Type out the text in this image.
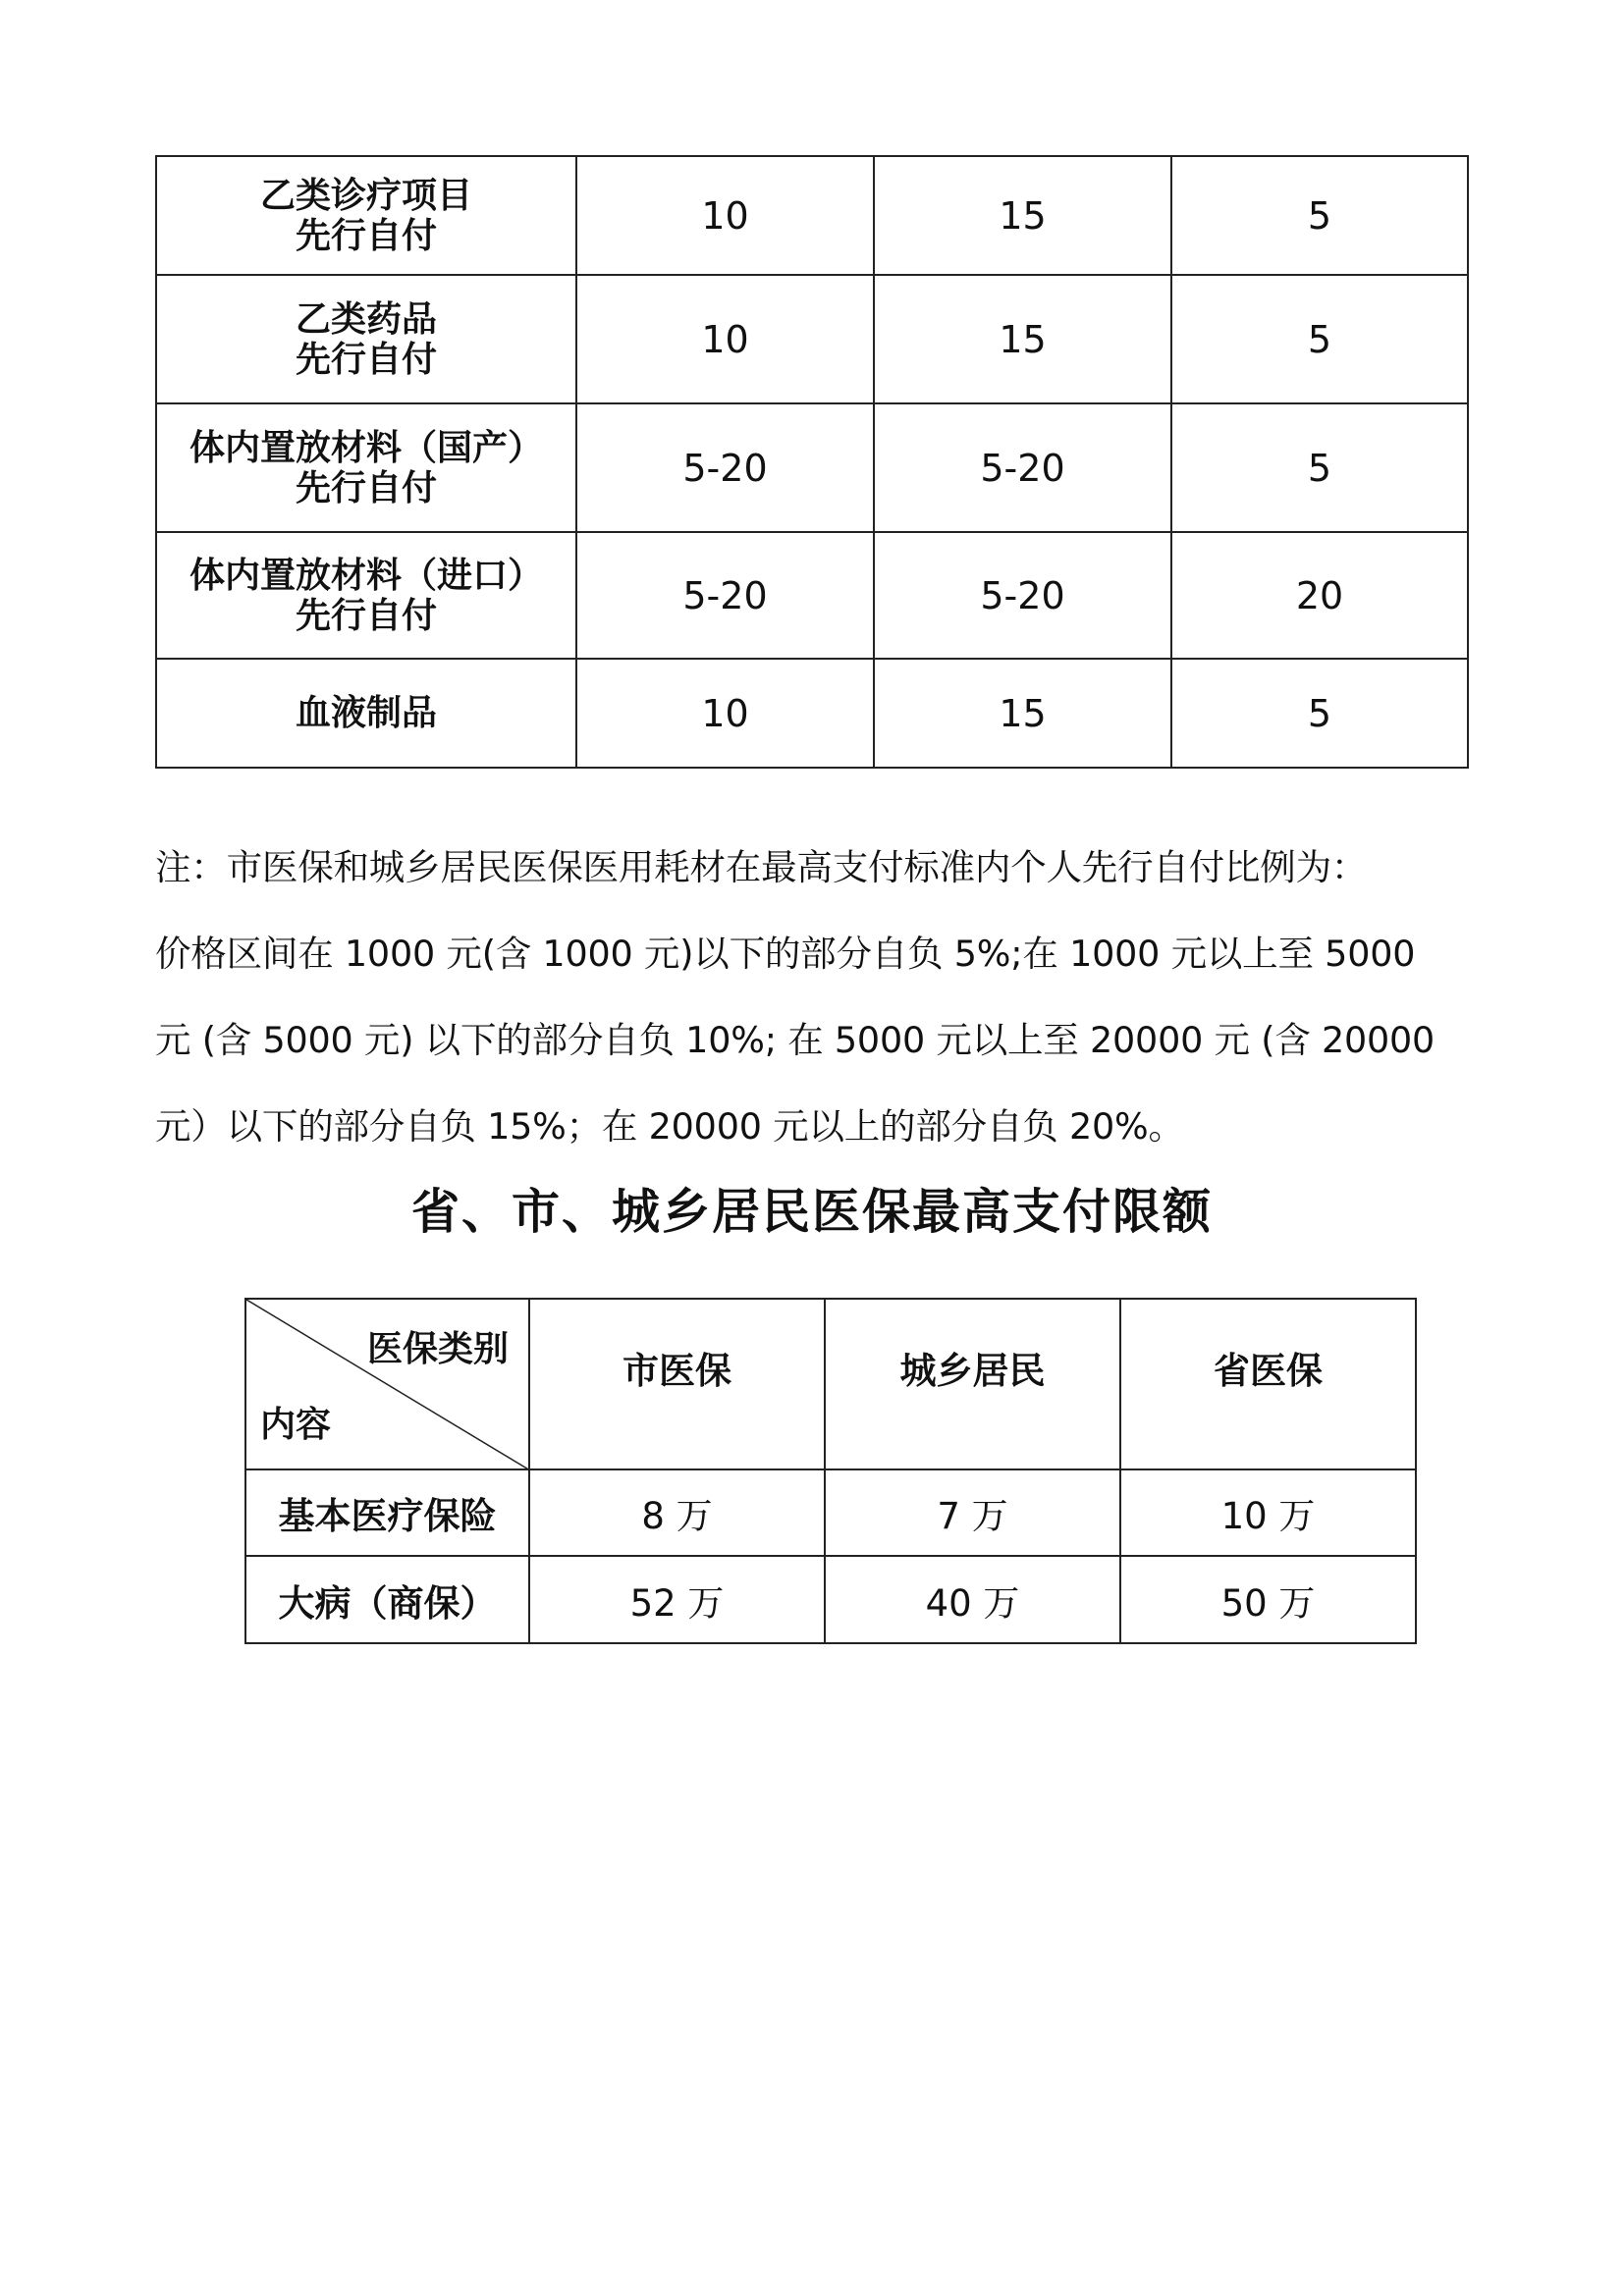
乙类诊疗项目
先行自付	10	15	5

乙类药品
先行自付	10	15	5

体内置放材料（国产）
先行自付	5-20	5-20	5

体内置放材料（进口）
先行自付	5-20	5-20	20

血液制品	10	15	5
注：市医保和城乡居民医保医用耗材在最高支付标准内个人先行自付比例为：
价格区间在 1000 元(含 1000 元)以下的部分自负 5%;在 1000 元以上至 5000
元 (含 5000 元) 以下的部分自负 10%; 在 5000 元以上至 20000 元 (含 20000
元）以下的部分自负 15%；在 20000 元以上的部分自负 20%。
省、市、城乡居民医保最高支付限额
医保类别
内容	市医保	城乡居民	省医保
基本医疗保险	8 万	7 万	10 万
大病（商保）	52 万	40 万	50 万
